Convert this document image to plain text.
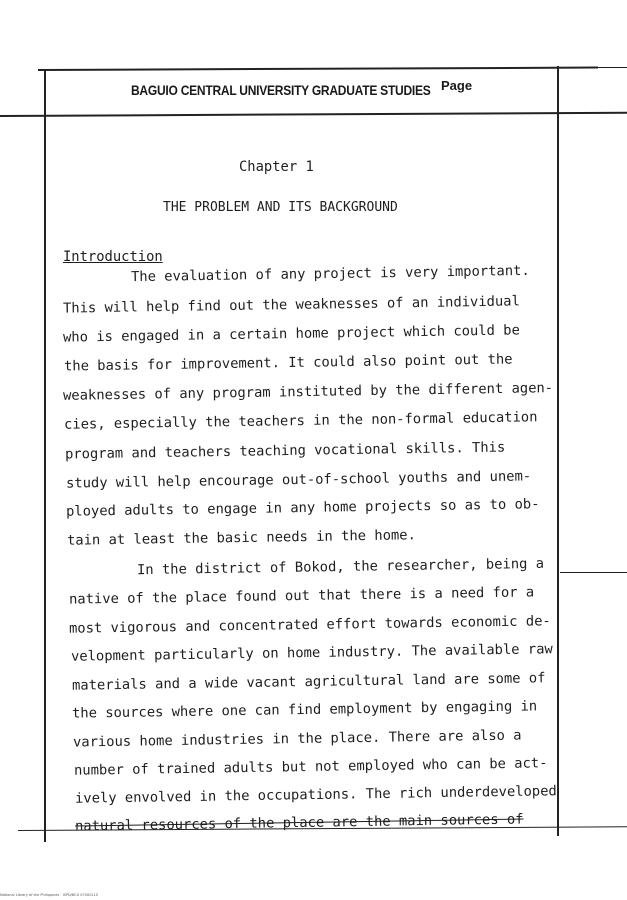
BAGUIO CENTRAL UNIVERSITY GRADUATE STUDIES Page
Chapter 1
THE PROBLEM AND ITS BACKGROUND
Introduction
The evaluation of any project is very important.
This will help find out the weaknesses of an individual
who is engaged in a certain home project which could be
the basis for improvement. It could also point out the
weaknesses of any program instituted by the different agen-
cies, especially the teachers in the non-formal education
program and teachers teaching vocational skills. This
study will help encourage out-of-school youths and unem-
ployed adults to engage in any home projects so as to ob-
tain at least the basic needs in the home.
In the district of Bokod, the researcher, being a
native of the place found out that there is a need for a
most vigorous and concentrated effort towards economic de-
velopment particularly on home industry. The available raw
materials and a wide vacant agricultural land are some of
the sources where one can find employment by engaging in
various home industries in the place. There are also a
number of trained adults but not employed who can be act-
ively envolved in the occupations. The rich underdeveloped
natural resources of the place are the main sources of
National Library of the Philippines · ISPD/BCU 07000110
